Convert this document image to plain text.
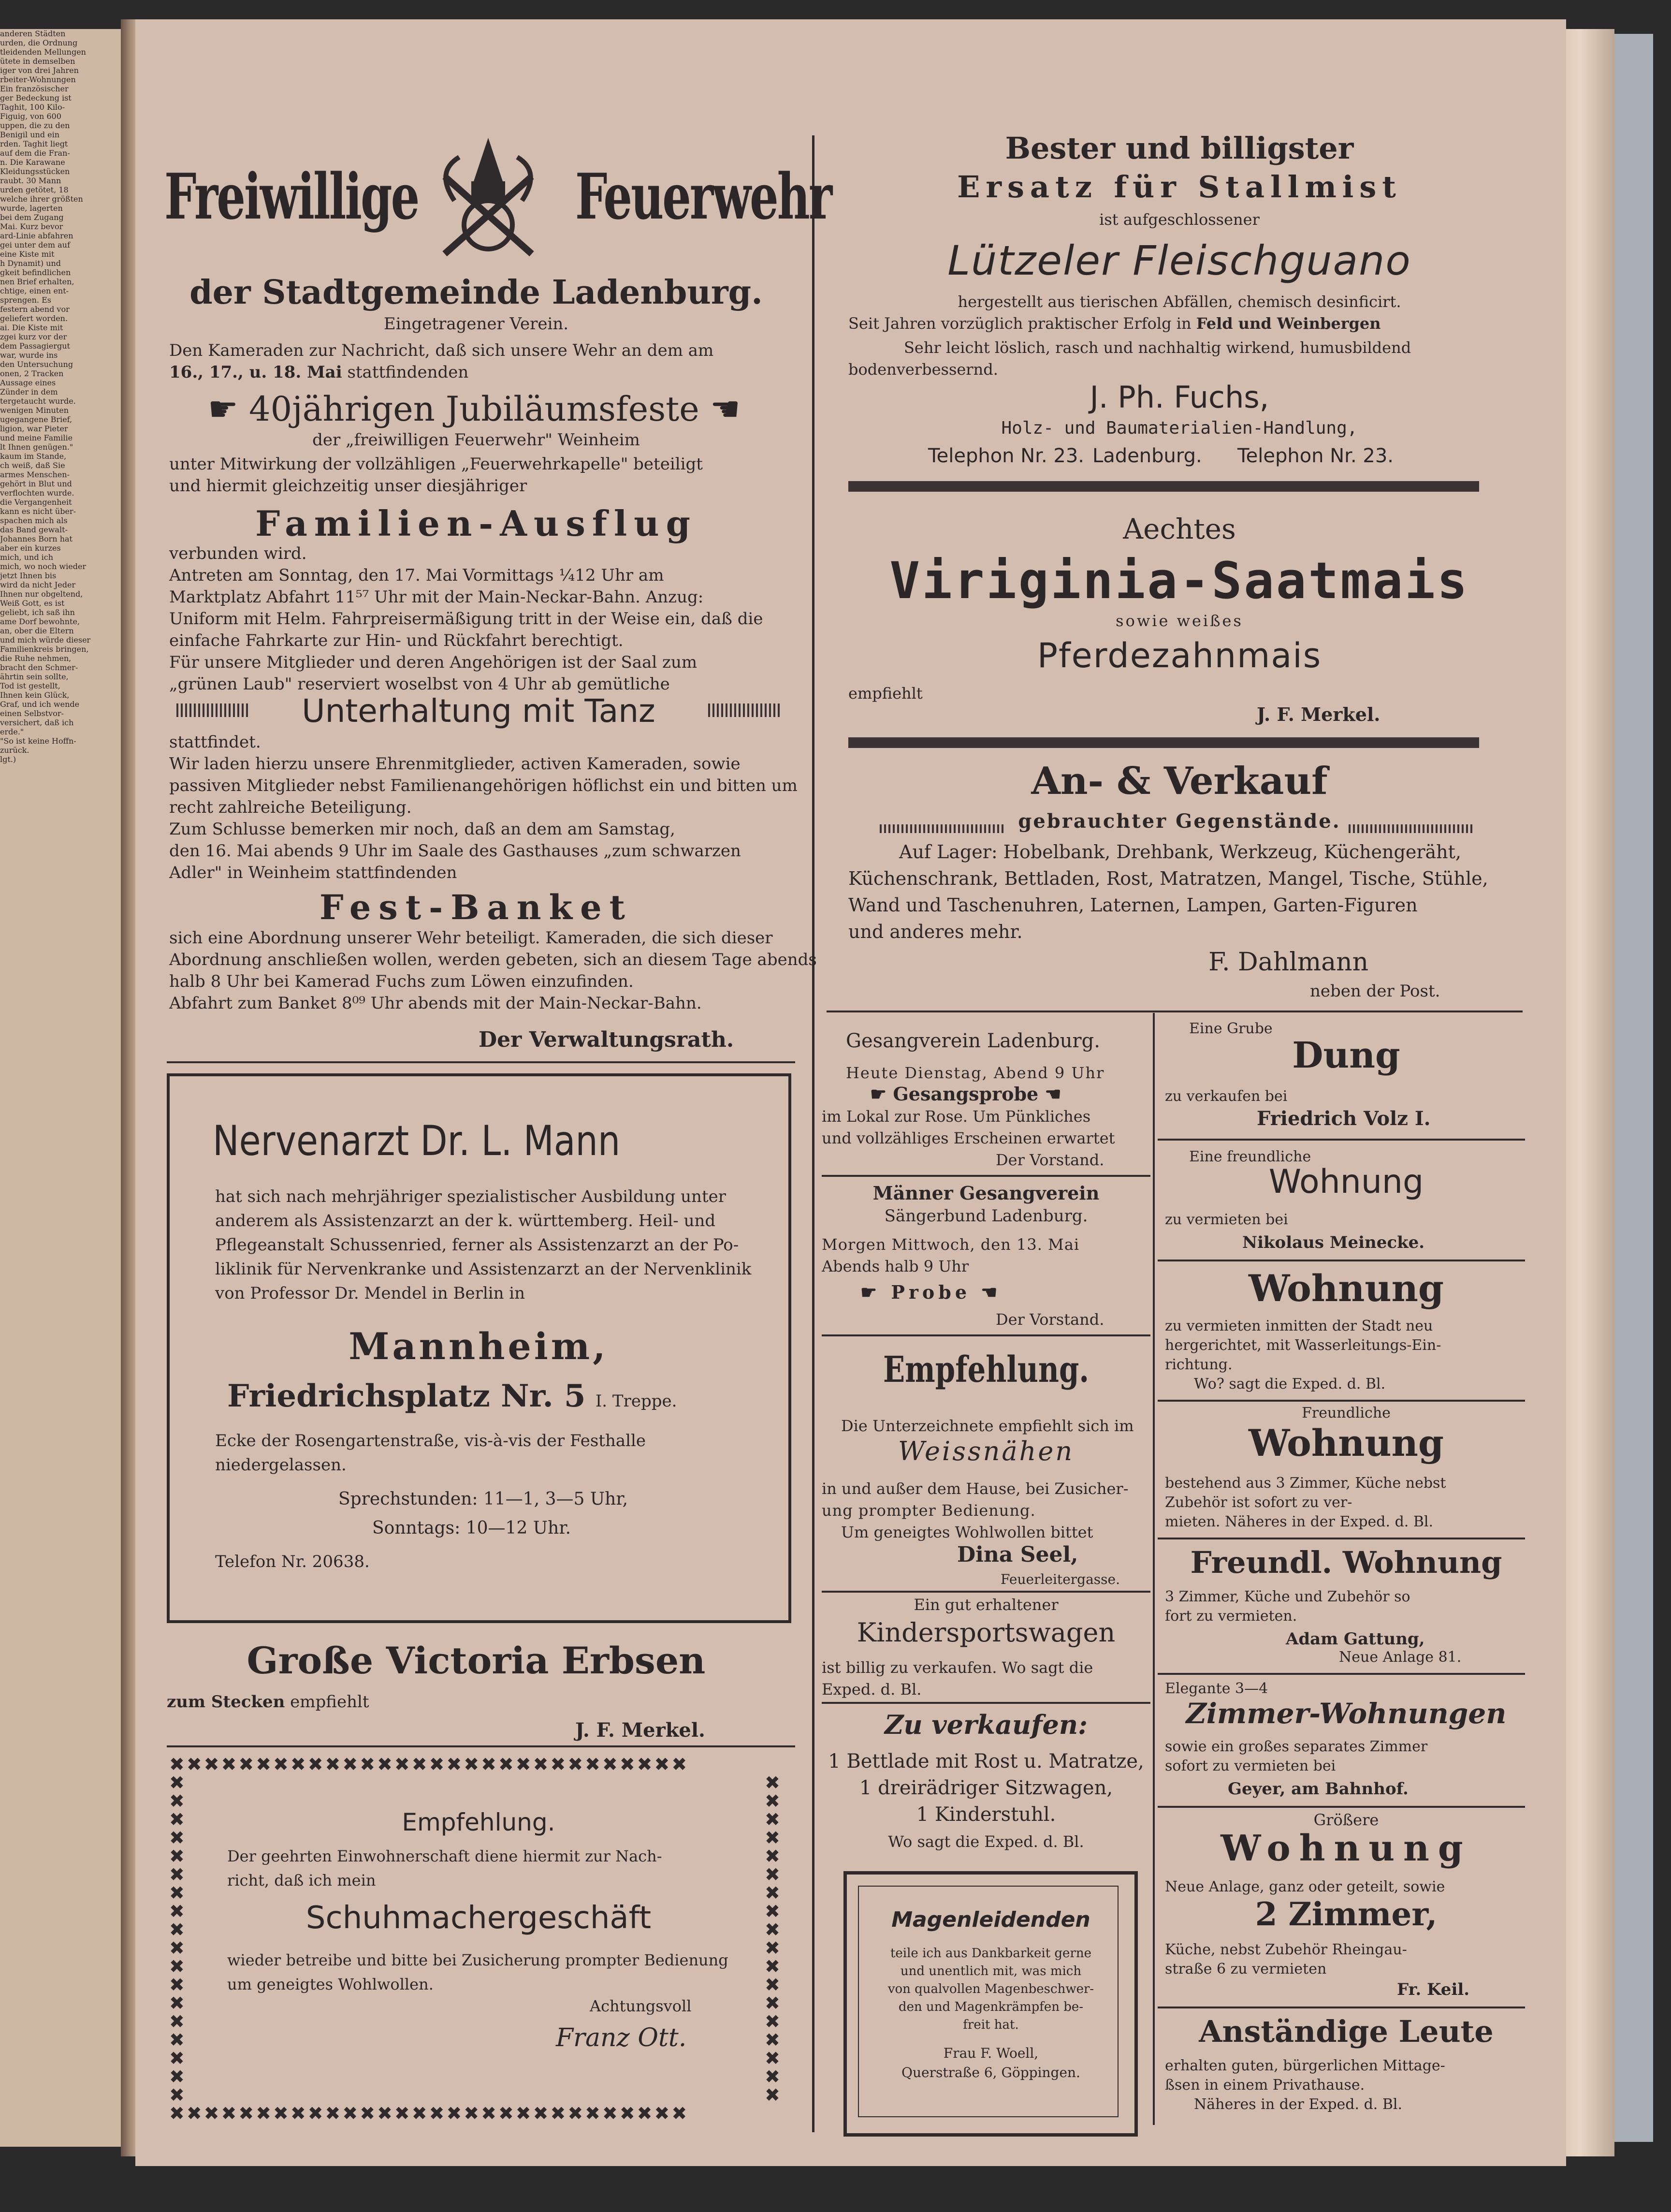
anderen Städten
urden, die Ordnung
tleidenden Mellungen
ütete in demselben
iger von drei Jahren
rbeiter-Wohnungen
Ein französischer
ger Bedeckung ist
Taghit, 100 Kilo-
Figuig, von 600
uppen, die zu den
Benigil und ein
rden. Taghit liegt
auf dem die Fran-
n. Die Karawane
Kleidungsstücken
raubt. 30 Mann
urden getötet, 18
welche ihrer größten
wurde, lagerten
bei dem Zugang
Mai. Kurz bevor
ard-Linie abfahren
gei unter dem auf
eine Kiste mit
h Dynamit) und
gkeit befindlichen
nen Brief erhalten,
chtige, einen ent-
sprengen. Es
festern abend vor
geliefert worden.
ai. Die Kiste mit
zgei kurz vor der
dem Passagiergut
war, wurde ins
den Untersuchung
onen, 2 Tracken
Aussage eines
Zünder in dem
tergetaucht wurde.
wenigen Minuten
ugegangene Brief,
ligion, war Pieter
und meine Familie
lt Ihnen genügen."
kaum im Stande,
ch weiß, daß Sie
armes Menschen-
gehört in Blut und
verflochten wurde.
die Vergangenheit
kann es nicht über-
spachen mich als
das Band gewalt-
Johannes Born hat
aber ein kurzes
mich, und ich
mich, wo noch wieder
jetzt Ihnen bis
wird da nicht Jeder
Ihnen nur obgeltend,
Weiß Gott, es ist
geliebt, ich saß ihn
ame Dorf bewohnte,
an, ober die Eltern
und mich würde dieser
Familienkreis bringen,
die Ruhe nehmen,
bracht den Schmer-
ährtin sein sollte,
Tod ist gestellt,
Ihnen kein Glück,
Graf, und ich wende
einen Selbstvor-
versichert, daß ich
erde."
"So ist keine Hoffn-
zurück.
lgt.)
Freiwillige Feuerwehr
der Stadtgemeinde Ladenburg.
Eingetragener Verein.
Den Kameraden zur Nachricht, daß sich unsere Wehr an dem am
16., 17., u. 18. Mai stattfindenden
☛ 40jährigen Jubiläumsfeste ☚
der „freiwilligen Feuerwehr" Weinheim
unter Mitwirkung der vollzähligen „Feuerwehrkapelle" beteiligt
und hiermit gleichzeitig unser diesjähriger
Familien-Ausflug
verbunden wird.
Antreten am Sonntag, den 17. Mai Vormittags ¼12 Uhr am
Marktplatz Abfahrt 11⁵⁷ Uhr mit der Main-Neckar-Bahn. Anzug:
Uniform mit Helm. Fahrpreisermäßigung tritt in der Weise ein, daß die
einfache Fahrkarte zur Hin- und Rückfahrt berechtigt.
Für unsere Mitglieder und deren Angehörigen ist der Saal zum
„grünen Laub" reserviert woselbst von 4 Uhr ab gemütliche
Unterhaltung mit Tanz
stattfindet.
Wir laden hierzu unsere Ehrenmitglieder, activen Kameraden, sowie
passiven Mitglieder nebst Familienangehörigen höflichst ein und bitten um
recht zahlreiche Beteiligung.
Zum Schlusse bemerken mir noch, daß an dem am Samstag,
den 16. Mai abends 9 Uhr im Saale des Gasthauses „zum schwarzen
Adler" in Weinheim stattfindenden
Fest-Banket
sich eine Abordnung unserer Wehr beteiligt. Kameraden, die sich dieser
Abordnung anschließen wollen, werden gebeten, sich an diesem Tage abends
halb 8 Uhr bei Kamerad Fuchs zum Löwen einzufinden.
Abfahrt zum Banket 8⁰⁹ Uhr abends mit der Main-Neckar-Bahn.
Der Verwaltungsrath.
Nervenarzt Dr. L. Mann
hat sich nach mehrjähriger spezialistischer Ausbildung unter
anderem als Assistenzarzt an der k. württemberg. Heil- und
Pflegeanstalt Schussenried, ferner als Assistenzarzt an der Po-
liklinik für Nervenkranke und Assistenzarzt an der Nervenklinik
von Professor Dr. Mendel in Berlin in
Mannheim,
Friedrichsplatz Nr. 5 I. Treppe.
Ecke der Rosengartenstraße, vis-à-vis der Festhalle
niedergelassen.
Sprechstunden: 11—1, 3—5 Uhr,
Sonntags: 10—12 Uhr.
Telefon Nr. 20638.
Große Victoria Erbsen
zum Stecken empfiehlt
J. F. Merkel.
Empfehlung.
Der geehrten Einwohnerschaft diene hiermit zur Nach-
richt, daß ich mein
Schuhmachergeschäft
wieder betreibe und bitte bei Zusicherung prompter Bedienung
um geneigtes Wohlwollen.
Achtungsvoll
Franz Ott.
Bester und billigster
Ersatz für Stallmist
ist aufgeschlossener
Lützeler Fleischguano
hergestellt aus tierischen Abfällen, chemisch desinficirt.
Seit Jahren vorzüglich praktischer Erfolg in Feld und Weinbergen
Sehr leicht löslich, rasch und nachhaltig wirkend, humusbildend
bodenverbessernd.
J. Ph. Fuchs,
Holz- und Baumaterialien-Handlung,
Telephon Nr. 23. Ladenburg. Telephon Nr. 23.
Aechtes
Viriginia-Saatmais
sowie weißes
Pferdezahnmais
empfiehlt
J. F. Merkel.
An- & Verkauf
gebrauchter Gegenstände.
Auf Lager: Hobelbank, Drehbank, Werkzeug, Küchengeräht,
Küchenschrank, Bettladen, Rost, Matratzen, Mangel, Tische, Stühle,
Wand und Taschenuhren, Laternen, Lampen, Garten-Figuren
und anderes mehr.
F. Dahlmann
neben der Post.
Gesangverein Ladenburg.
Heute Dienstag, Abend 9 Uhr
☛ Gesangsprobe ☚
im Lokal zur Rose. Um Pünkliches
und vollzähliges Erscheinen erwartet
Der Vorstand.
Männer Gesangverein
Sängerbund Ladenburg.
Morgen Mittwoch, den 13. Mai
Abends halb 9 Uhr
☛ Probe ☚
Der Vorstand.
Empfehlung.
Die Unterzeichnete empfiehlt sich im
Weissnähen
in und außer dem Hause, bei Zusicher-
ung prompter Bedienung.
Um geneigtes Wohlwollen bittet
Dina Seel,
Feuerleitergasse.
Ein gut erhaltener
Kindersportswagen
ist billig zu verkaufen. Wo sagt die
Exped. d. Bl.
Zu verkaufen:
1 Bettlade mit Rost u. Matratze,
1 dreirädriger Sitzwagen,
1 Kinderstuhl.
Wo sagt die Exped. d. Bl.
Magenleidenden
teile ich aus Dankbarkeit gerne
und unentlich mit, was mich
von qualvollen Magenbeschwer-
den und Magenkrämpfen be-
freit hat.
Frau F. Woell,
Querstraße 6, Göppingen.
Eine Grube
Dung
zu verkaufen bei
Friedrich Volz I.
Eine freundliche
Wohnung
zu vermieten bei
Nikolaus Meinecke.
Wohnung
zu vermieten inmitten der Stadt neu
hergerichtet, mit Wasserleitungs-Ein-
richtung.
Wo? sagt die Exped. d. Bl.
Freundliche
Wohnung
bestehend aus 3 Zimmer, Küche nebst
Zubehör ist sofort zu ver-
mieten. Näheres in der Exped. d. Bl.
Freundl. Wohnung
3 Zimmer, Küche und Zubehör so
fort zu vermieten.
Adam Gattung,
Neue Anlage 81.
Elegante 3—4
Zimmer-Wohnungen
sowie ein großes separates Zimmer
sofort zu vermieten bei
Geyer, am Bahnhof.
Größere
Wohnung
Neue Anlage, ganz oder geteilt, sowie
2 Zimmer,
Küche, nebst Zubehör Rheingau-
straße 6 zu vermieten
Fr. Keil.
Anständige Leute
erhalten guten, bürgerlichen Mittage-
ßsen in einem Privathause.
Näheres in der Exped. d. Bl.
✖✖✖✖✖✖✖✖✖✖✖✖✖✖✖✖✖✖✖✖✖✖✖✖✖✖✖✖✖✖
✖✖✖✖✖✖✖✖✖✖✖✖✖✖✖✖✖✖✖✖✖✖✖✖✖✖✖✖✖✖
✖✖✖✖✖✖✖✖✖✖✖✖✖✖✖✖✖✖
✖✖✖✖✖✖✖✖✖✖✖✖✖✖✖✖✖✖
